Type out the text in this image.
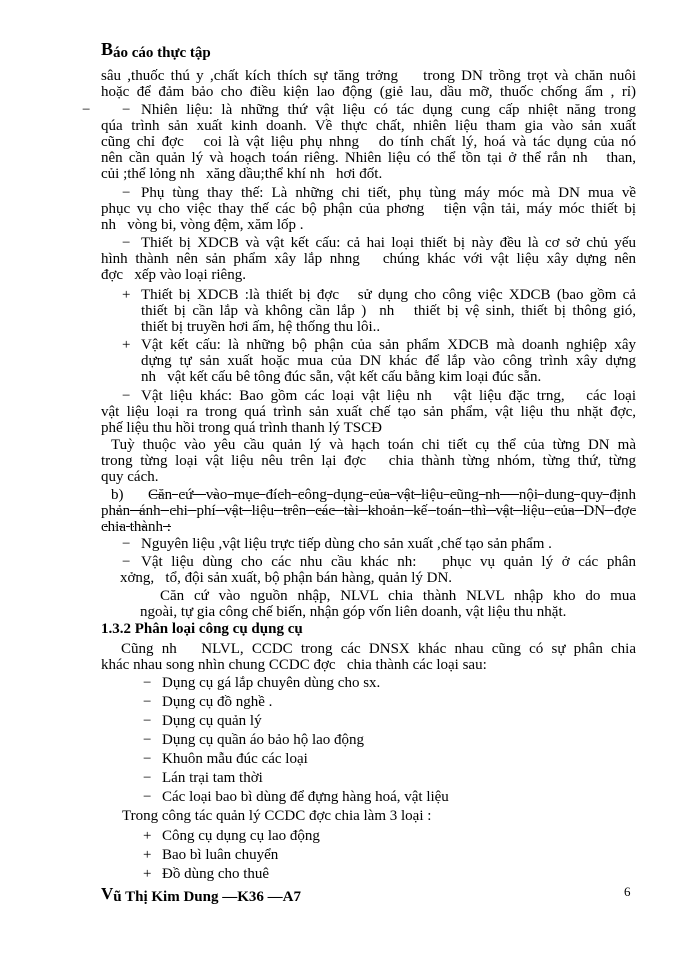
Báo cáo thực tập
sâu ,thuốc thú y ,chất kích thích sự tăng trởng    trong DN trồng trọt và chăn nuôi
hoặc để đảm bảo cho điều kiện lao động (giẻ lau, dầu mỡ, thuốc chống ẩm , rỉ)
− − Nhiên liệu: là những thứ vật liệu có tác dụng cung cấp nhiệt năng trong
qúa trình sản xuất kinh doanh. Về thực chất, nhiên liệu tham gia vào sản xuất
cũng chỉ đợc   coi là vật liệu phụ nhng   do tính chất lý, hoá và tác dụng của nó
nên cần quản lý và hoạch toán riêng. Nhiên liệu có thể tồn tại ở thể rắn nh   than,
củi ;thể lỏng nh   xăng dầu;thể khí nh   hơi đốt.
− Phụ tùng thay thế: Là những chi tiết, phụ tùng máy móc mà DN mua về
phục vụ cho việc thay thế các bộ phận của phơng   tiện vận tải, máy móc thiết bị
nh   vòng bi, vòng đệm, xăm lốp .
− Thiết bị XDCB và vật kết cấu: cả hai loại thiết bị này đều là cơ sở chủ yếu
hình thành nên sản phẩm xây lắp nhng   chúng khác với vật liệu xây dựng nên
đợc   xếp vào loại riêng.
+ Thiết bị XDCB :là thiết bị đợc   sử dụng cho công việc XDCB (bao gồm cả
thiết bị cần lắp và không cần lắp )  nh   thiết bị vệ sinh, thiết bị thông gió,
thiết bị truyền hơi ấm, hệ thống thu lôi..
+ Vật kết cấu: là những bộ phận của sản phẩm XDCB mà doanh nghiệp xây
dựng tự sản xuất hoặc mua của DN khác để lắp vào công trình xây dựng
nh   vật kết cấu bê tông đúc sẵn, vật kết cấu bằng kim loại đúc sẵn.
− Vật liệu khác: Bao gồm các loại vật liệu nh   vật liệu đặc trng,   các loại
vật liệu loại ra trong quá trình sản xuất chế tạo sản phẩm, vật liệu thu nhặt đợc,
phế liệu thu hồi trong quá trình thanh lý TSCĐ
Tuỳ thuộc vào yêu cầu quản lý và hạch toán chi tiết cụ thể của từng DN mà
trong từng loại vật liệu nêu trên lại đợc   chia thành từng nhóm, từng thứ, từng
quy cách.
b)	Căn cứ  vào mục đích công dụng của vật liệu cũng nh   nội dung quy định
phản ánh chi phí vật liệu trên các tài khoản kế toán thì vật liệu của DN đợc
chia thành :
− Nguyên liệu ,vật liệu trực tiếp dùng cho sản xuất ,chế tạo sản phẩm .
− Vật liệu dùng cho các nhu cầu khác nh:   phục vụ quản lý ở các phân
xởng,   tổ, đội sản xuất, bộ phận bán hàng, quản lý DN.
Căn cứ vào nguồn nhập, NLVL chia thành NLVL nhập kho do mua
ngoài, tự gia công chế biến, nhận góp vốn liên doanh, vật liệu thu nhặt.
1.3.2 Phân loại công cụ dụng cụ
Cũng nh   NLVL, CCDC trong các DNSX khác nhau cũng có sự phân chia
khác nhau song nhìn chung CCDC đợc   chia thành các loại sau:
− Dụng cụ gá lắp chuyên dùng cho sx.
− Dụng cụ đồ nghề .
− Dụng cụ quản lý
− Dụng cụ quần áo bảo hộ lao động
− Khuôn mẫu đúc các loại
− Lán trại tam thời
− Các loại bao bì dùng để đựng hàng hoá, vật liệu
Trong công tác quản lý CCDC đợc chia làm 3 loại :
+ Công cụ dụng cụ lao động
+ Bao bì luân chuyển
+ Đồ dùng cho thuê
Vũ Thị Kim Dung —K36 —A7	6
